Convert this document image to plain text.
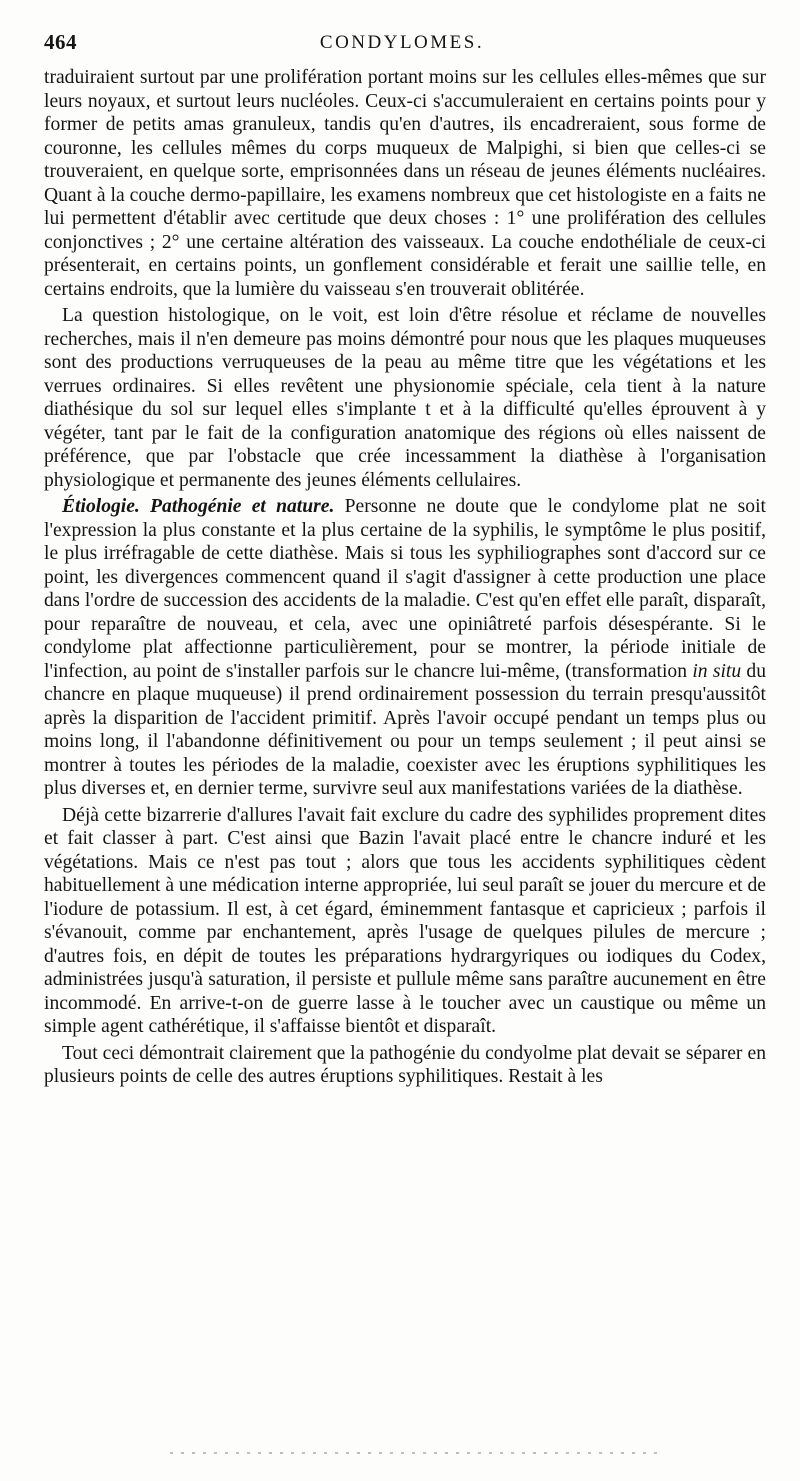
464	CONDYLOMES.

traduiraient surtout par une prolifération portant moins sur les cellules elles-mêmes que sur leurs noyaux, et surtout leurs nucléoles. Ceux-ci s'accumuleraient en certains points pour y former de petits amas granuleux, tandis qu'en d'autres, ils encadreraient, sous forme de couronne, les cellules mêmes du corps muqueux de Malpighi, si bien que celles-ci se trouveraient, en quelque sorte, emprisonnées dans un réseau de jeunes éléments nucléaires. Quant à la couche dermo-papillaire, les examens nombreux que cet histologiste en a faits ne lui permettent d'établir avec certitude que deux choses : 1° une prolifération des cellules conjonctives ; 2° une certaine altération des vaisseaux. La couche endothéliale de ceux-ci présenterait, en certains points, un gonflement considérable et ferait une saillie telle, en certains endroits, que la lumière du vaisseau s'en trouverait oblitérée.

La question histologique, on le voit, est loin d'être résolue et réclame de nouvelles recherches, mais il n'en demeure pas moins démontré pour nous que les plaques muqueuses sont des productions verruqueuses de la peau au même titre que les végétations et les verrues ordinaires. Si elles revêtent une physionomie spéciale, cela tient à la nature diathésique du sol sur lequel elles s'implante t et à la difficulté qu'elles éprouvent à y végéter, tant par le fait de la configuration anatomique des régions où elles naissent de préférence, que par l'obstacle que crée incessamment la diathèse à l'organisation physiologique et permanente des jeunes éléments cellulaires.

Étiologie. Pathogénie et nature. Personne ne doute que le condylome plat ne soit l'expression la plus constante et la plus certaine de la syphilis, le symptôme le plus positif, le plus irréfragable de cette diathèse. Mais si tous les syphiliographes sont d'accord sur ce point, les divergences commencent quand il s'agit d'assigner à cette production une place dans l'ordre de succession des accidents de la maladie. C'est qu'en effet elle paraît, disparaît, pour reparaître de nouveau, et cela, avec une opiniâtreté parfois désespérante. Si le condylome plat affectionne particulièrement, pour se montrer, la période initiale de l'infection, au point de s'installer parfois sur le chancre lui-même, (transformation in situ du chancre en plaque muqueuse) il prend ordinairement possession du terrain presqu'aussitôt après la disparition de l'accident primitif. Après l'avoir occupé pendant un temps plus ou moins long, il l'abandonne définitivement ou pour un temps seulement ; il peut ainsi se montrer à toutes les périodes de la maladie, coexister avec les éruptions syphilitiques les plus diverses et, en dernier terme, survivre seul aux manifestations variées de la diathèse.

Déjà cette bizarrerie d'allures l'avait fait exclure du cadre des syphilides proprement dites et fait classer à part. C'est ainsi que Bazin l'avait placé entre le chancre induré et les végétations. Mais ce n'est pas tout ; alors que tous les accidents syphilitiques cèdent habituellement à une médication interne appropriée, lui seul paraît se jouer du mercure et de l'iodure de potassium. Il est, à cet égard, éminemment fantasque et capricieux ; parfois il s'évanouit, comme par enchantement, après l'usage de quelques pilules de mercure ; d'autres fois, en dépit de toutes les préparations hydrargyriques ou iodiques du Codex, administrées jusqu'à saturation, il persiste et pullule même sans paraître aucunement en être incommodé. En arrive-t-on de guerre lasse à le toucher avec un caustique ou même un simple agent cathérétique, il s'affaisse bientôt et disparaît.

Tout ceci démontrait clairement que la pathogénie du condyolme plat devait se séparer en plusieurs points de celle des autres éruptions syphilitiques. Restait à les
